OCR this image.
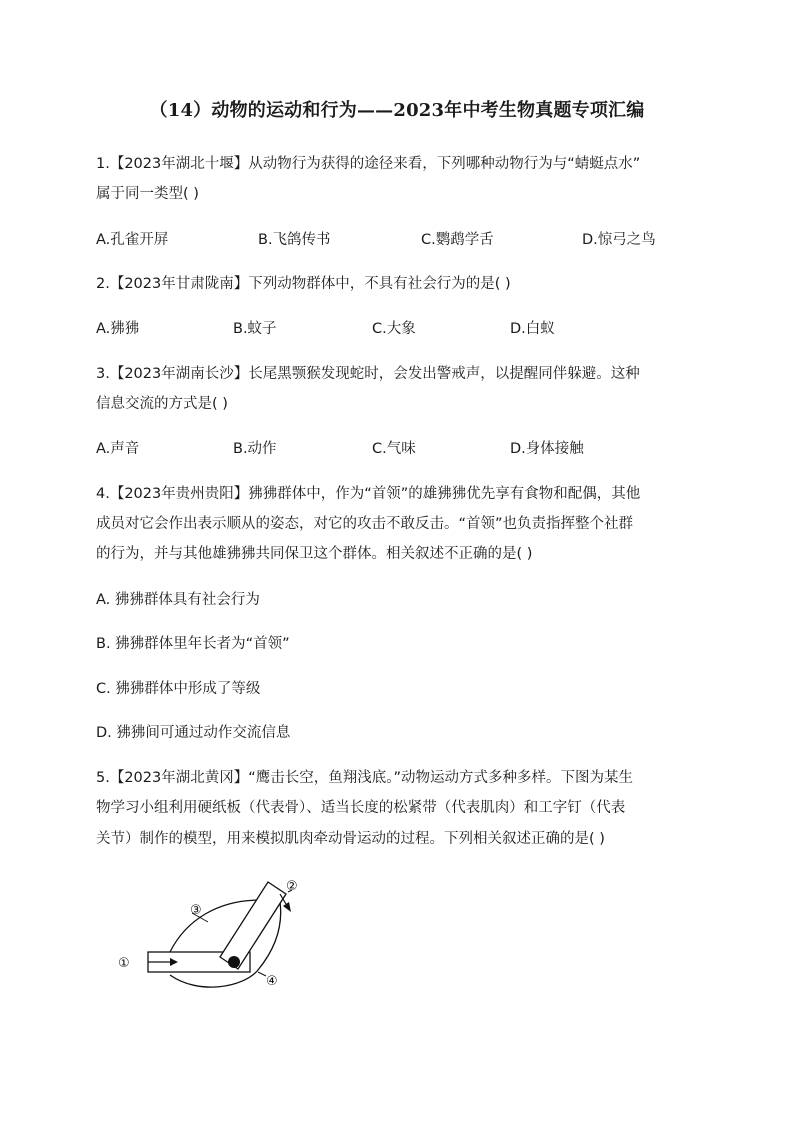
（14）动物的运动和行为——2023年中考生物真题专项汇编
1.【2023年湖北十堰】从动物行为获得的途径来看，下列哪种动物行为与“蜻蜓点水”
属于同一类型( )
A.孔雀开屏	B.飞鸽传书	C.鹦鹉学舌	D.惊弓之鸟
2.【2023年甘肃陇南】下列动物群体中，不具有社会行为的是( )
A.狒狒	B.蚊子	C.大象	D.白蚁
3.【2023年湖南长沙】长尾黑颚猴发现蛇时，会发出警戒声，以提醒同伴躲避。这种
信息交流的方式是( )
A.声音	B.动作	C.气味	D.身体接触
4.【2023年贵州贵阳】狒狒群体中，作为“首领”的雄狒狒优先享有食物和配偶，其他
成员对它会作出表示顺从的姿态，对它的攻击不敢反击。“首领”也负责指挥整个社群
的行为，并与其他雄狒狒共同保卫这个群体。相关叙述不正确的是( )
A. 狒狒群体具有社会行为
B. 狒狒群体里年长者为“首领”
C. 狒狒群体中形成了等级
D. 狒狒间可通过动作交流信息
5.【2023年湖北黄冈】“鹰击长空，鱼翔浅底。”动物运动方式多种多样。下图为某生
物学习小组利用硬纸板（代表骨）、适当长度的松紧带（代表肌肉）和工字钉（代表
关节）制作的模型，用来模拟肌肉牵动骨运动的过程。下列相关叙述正确的是( )
①
②
③
④
